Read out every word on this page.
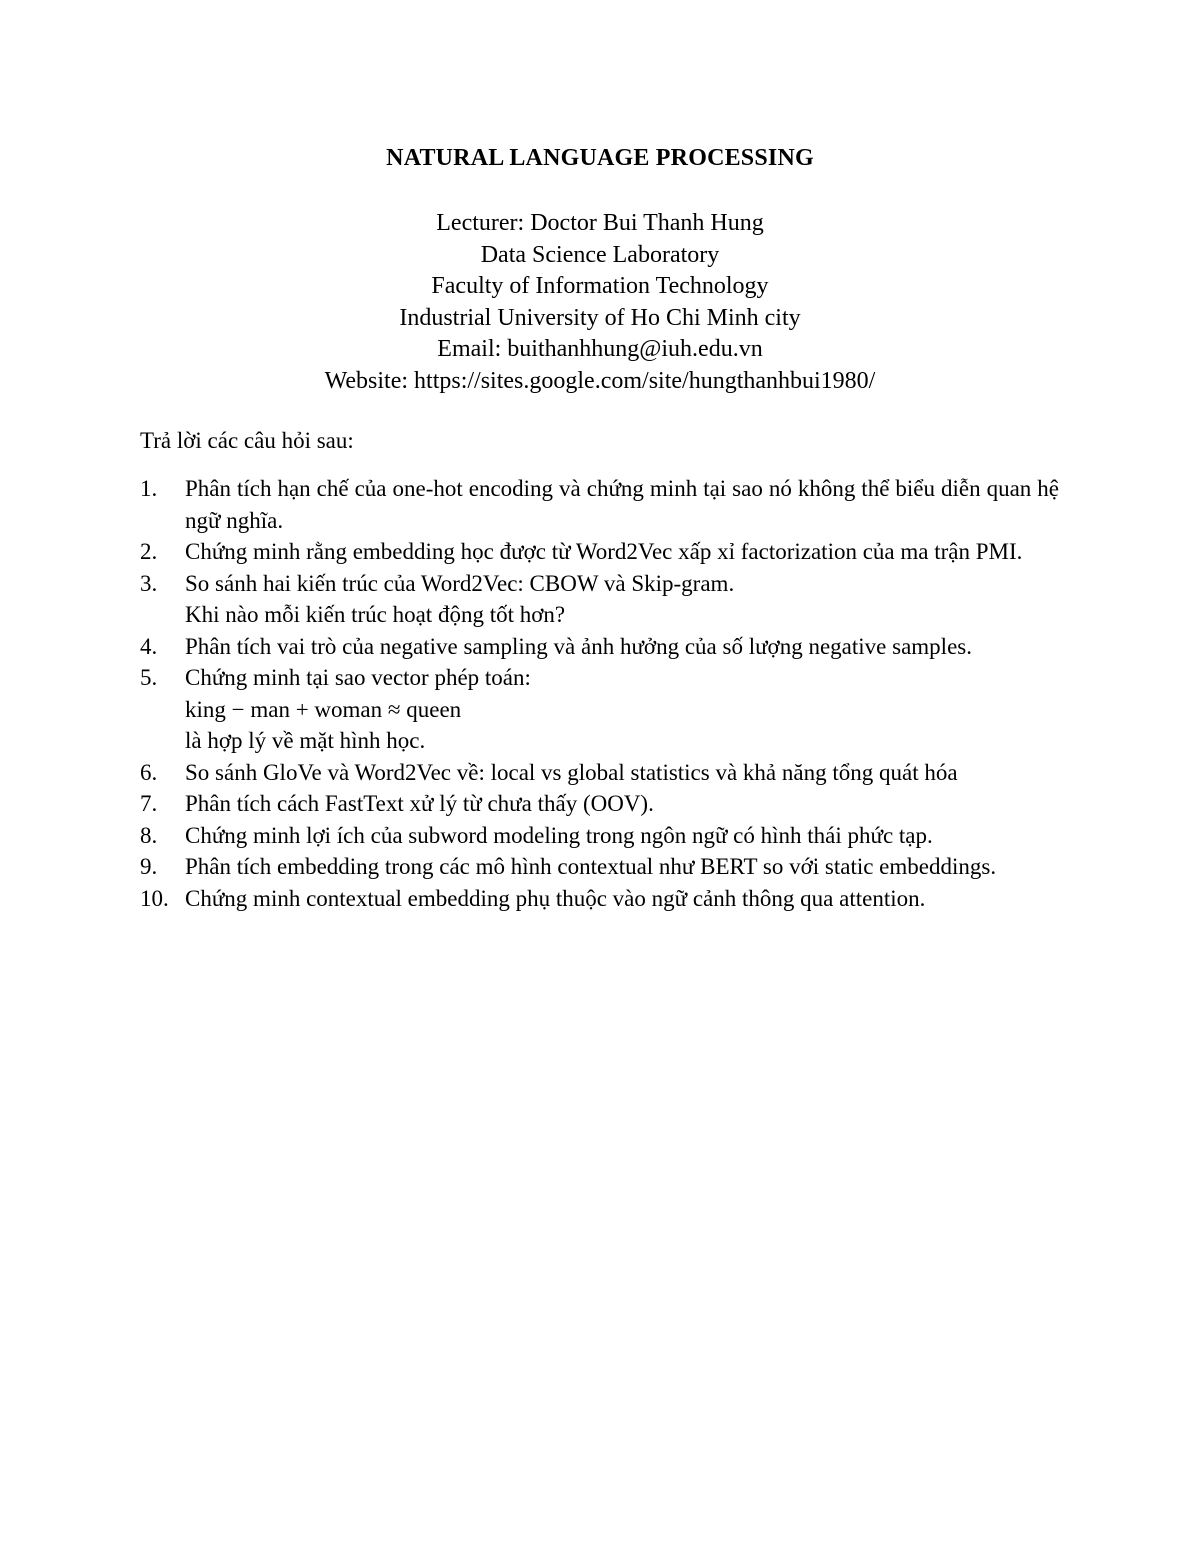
NATURAL LANGUAGE PROCESSING

Lecturer: Doctor Bui Thanh Hung
Data Science Laboratory
Faculty of Information Technology
Industrial University of Ho Chi Minh city
Email: buithanhhung@iuh.edu.vn
Website: https://sites.google.com/site/hungthanhbui1980/

Trả lời các câu hỏi sau:

1.	Phân tích hạn chế của one-hot encoding và chứng minh tại sao nó không thể biểu diễn quan hệ ngữ nghĩa.
2.	Chứng minh rằng embedding học được từ Word2Vec xấp xỉ factorization của ma trận PMI.
3.	So sánh hai kiến trúc của Word2Vec: CBOW và Skip-gram.
Khi nào mỗi kiến trúc hoạt động tốt hơn?
4.	Phân tích vai trò của negative sampling và ảnh hưởng của số lượng negative samples.
5.	Chứng minh tại sao vector phép toán:
king − man + woman ≈ queen
là hợp lý về mặt hình học.
6.	So sánh GloVe và Word2Vec về: local vs global statistics và khả năng tổng quát hóa
7.	Phân tích cách FastText xử lý từ chưa thấy (OOV).
8.	Chứng minh lợi ích của subword modeling trong ngôn ngữ có hình thái phức tạp.
9.	Phân tích embedding trong các mô hình contextual như BERT so với static embeddings.
10. Chứng minh contextual embedding phụ thuộc vào ngữ cảnh thông qua attention.
